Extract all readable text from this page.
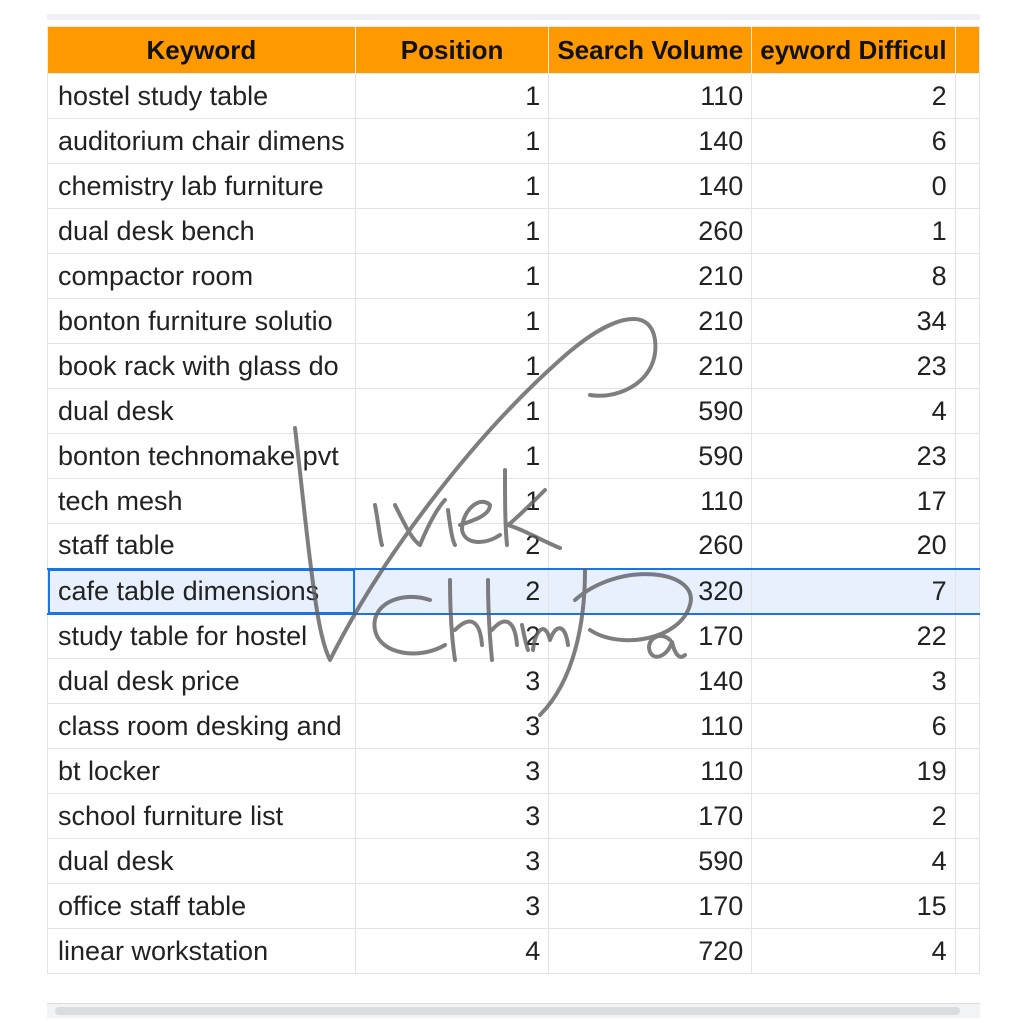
Keyword	Position	Search Volume	eyword Difficul	
hostel study table	1	110	2	
auditorium chair dimens	1	140	6	
chemistry lab furniture	1	140	0	
dual desk bench	1	260	1	
compactor room	1	210	8	
bonton furniture solutio	1	210	34	
book rack with glass do	1	210	23	
dual desk	1	590	4	
bonton technomake pvt	1	590	23	
tech mesh	1	110	17	
staff table	2	260	20	
cafe table dimensions	2	320	7	
study table for hostel	2	170	22	
dual desk price	3	140	3	
class room desking and	3	110	6	
bt locker	3	110	19	
school furniture list	3	170	2	
dual desk	3	590	4	
office staff table	3	170	15	
linear workstation	4	720	4	
